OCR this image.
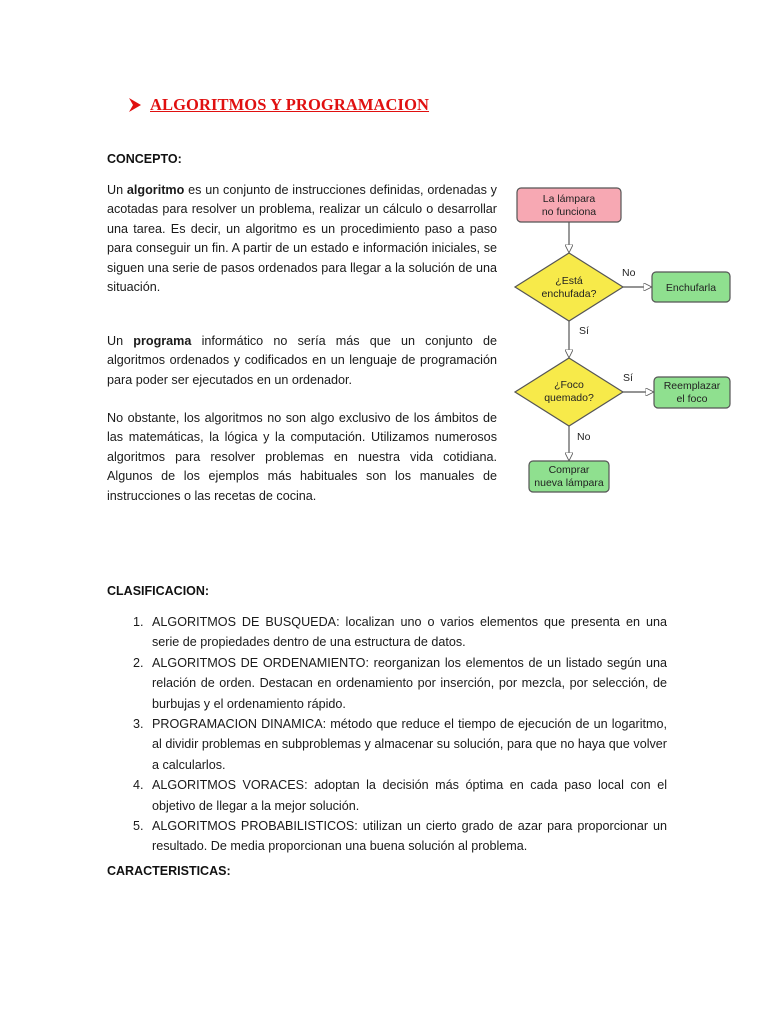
ALGORITMOS Y PROGRAMACION
CONCEPTO:
Un algoritmo es un conjunto de instrucciones definidas, ordenadas y acotadas para resolver un problema, realizar un cálculo o desarrollar una tarea. Es decir, un algoritmo es un procedimiento paso a paso para conseguir un fin. A partir de un estado e información iniciales, se siguen una serie de pasos ordenados para llegar a la solución de una situación.
Un programa informático no sería más que un conjunto de algoritmos ordenados y codificados en un lenguaje de programación para poder ser ejecutados en un ordenador.
No obstante, los algoritmos no son algo exclusivo de los ámbitos de las matemáticas, la lógica y la computación. Utilizamos numerosos algoritmos para resolver problemas en nuestra vida cotidiana. Algunos de los ejemplos más habituales son los manuales de instrucciones o las recetas de cocina.
La lámpara
no funciona
¿Está
enchufada?
No
Enchufarla
Sí
¿Foco
quemado?
Sí
Reemplazar
el foco
No
Comprar
nueva lámpara
CLASIFICACION:
1. ALGORITMOS DE BUSQUEDA: localizan uno o varios elementos que presenta en una serie de propiedades dentro de una estructura de datos.
2. ALGORITMOS DE ORDENAMIENTO: reorganizan los elementos de un listado según una relación de orden. Destacan en ordenamiento por inserción, por mezcla, por selección, de burbujas y el ordenamiento rápido.
3. PROGRAMACION DINAMICA: método que reduce el tiempo de ejecución de un logaritmo, al dividir problemas en subproblemas y almacenar su solución, para que no haya que volver a calcularlos.
4. ALGORITMOS VORACES: adoptan la decisión más óptima en cada paso local con el objetivo de llegar a la mejor solución.
5. ALGORITMOS PROBABILISTICOS: utilizan un cierto grado de azar para proporcionar un resultado. De media proporcionan una buena solución al problema.
CARACTERISTICAS:
